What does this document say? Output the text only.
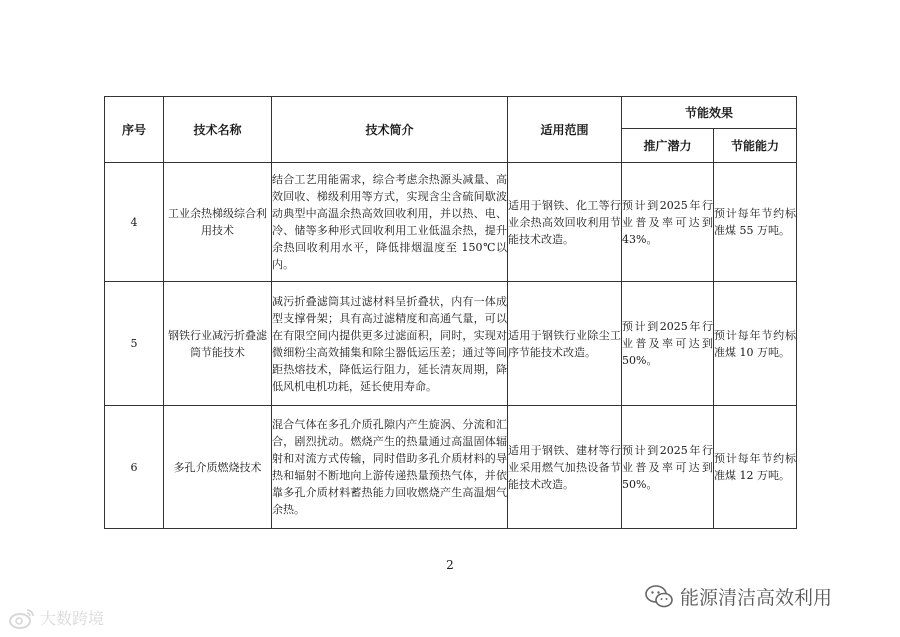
序号	技术名称	技术简介	适用范围	节能效果	
				推广潜力	节能能力
4	工业余热梯级综合利用技术	结合工艺用能需求，综合考虑余热源头减量、高效回收、梯级利用等方式，实现含尘含硫间歇波动典型中高温余热高效回收利用，并以热、电、冷、储等多种形式回收利用工业低温余热，提升余热回收利用水平，降低排烟温度至 150℃以内。	适用于钢铁、化工等行业余热高效回收利用节能技术改造。	预计到2025年行业普及率可达到43%。	预计每年节约标准煤 55 万吨。
5	钢铁行业减污折叠滤筒节能技术	减污折叠滤筒其过滤材料呈折叠状，内有一体成型支撑骨架；具有高过滤精度和高通气量，可以在有限空间内提供更多过滤面积，同时，实现对微细粉尘高效捕集和除尘器低运压差；通过等间距热熔技术，降低运行阻力，延长清灰周期，降低风机电机功耗，延长使用寿命。	适用于钢铁行业除尘工序节能技术改造。	预计到2025年行业普及率可达到50%。	预计每年节约标准煤 10 万吨。
6	多孔介质燃烧技术	混合气体在多孔介质孔隙内产生旋涡、分流和汇合，剧烈扰动。燃烧产生的热量通过高温固体辐射和对流方式传输，同时借助多孔介质材料的导热和辐射不断地向上游传递热量预热气体，并依靠多孔介质材料蓄热能力回收燃烧产生高温烟气余热。	适用于钢铁、建材等行业采用燃气加热设备节能技术改造。	预计到2025年行业普及率可达到50%。	预计每年节约标准煤 12 万吨。
2
大数跨境
能源清洁高效利用
